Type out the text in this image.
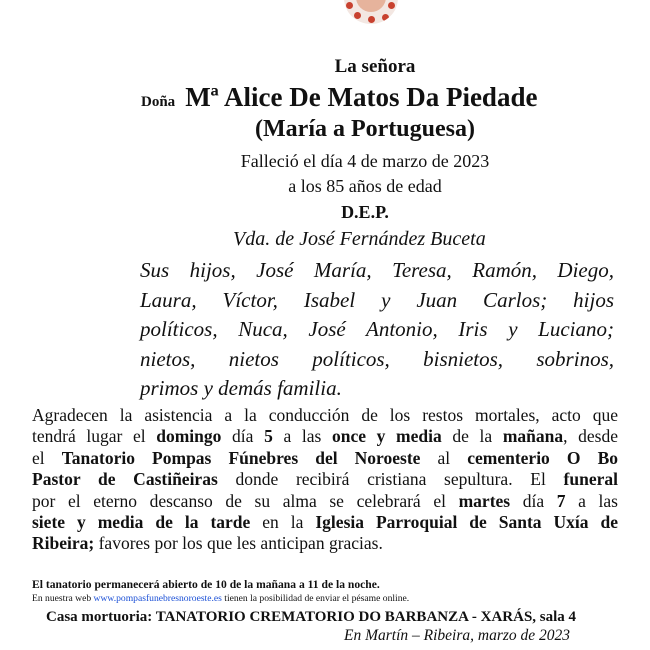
La señora
Doña Mª Alice De Matos Da Piedade
(María a Portuguesa)
Falleció el día 4 de marzo de 2023
a los 85 años de edad
D.E.P.
Vda. de José Fernández Buceta
Sus hijos, José María, Teresa, Ramón, Diego,
Laura, Víctor, Isabel y Juan Carlos; hijos
políticos, Nuca, José Antonio, Iris y Luciano;
nietos, nietos políticos, bisnietos, sobrinos,
primos y demás familia.
Agradecen la asistencia a la conducción de los restos mortales, acto que
tendrá lugar el domingo día 5 a las once y media de la mañana, desde
el Tanatorio Pompas Fúnebres del Noroeste al cementerio O Bo
Pastor de Castiñeiras donde recibirá cristiana sepultura. El funeral
por el eterno descanso de su alma se celebrará el martes día 7 a las
siete y media de la tarde en la Iglesia Parroquial de Santa Uxía de
Ribeira; favores por los que les anticipan gracias.
El tanatorio permanecerá abierto de 10 de la mañana a 11 de la noche.
En nuestra web www.pompasfunebresnoroeste.es tienen la posibilidad de enviar el pésame online.
Casa mortuoria: TANATORIO CREMATORIO DO BARBANZA - XARÁS, sala 4
En Martín – Ribeira, marzo de 2023
